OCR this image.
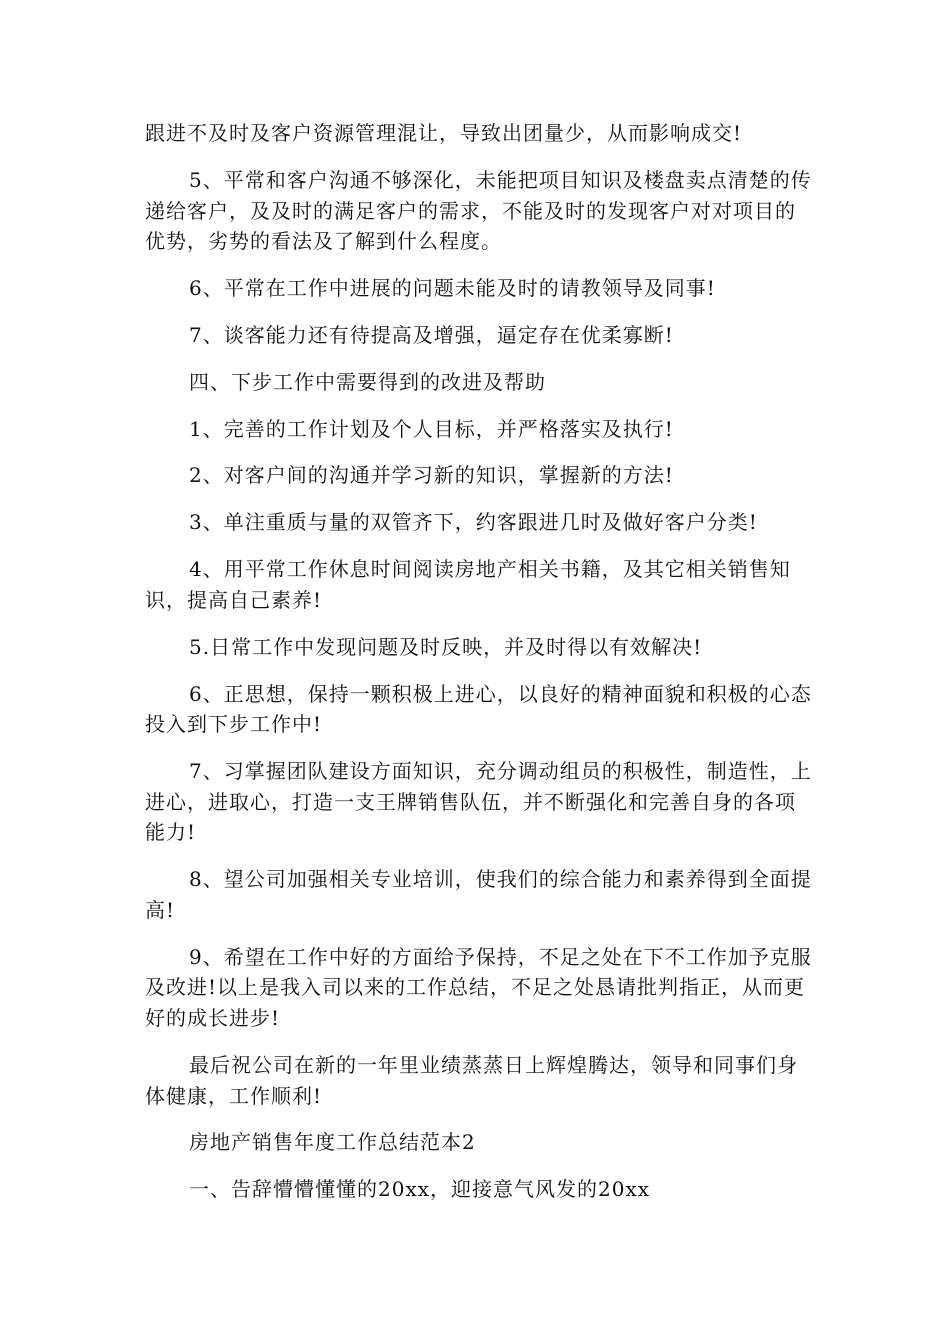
跟进不及时及客户资源管理混让，导致出团量少，从而影响成交!

5、平常和客户沟通不够深化，未能把项目知识及楼盘卖点清楚的传递给客户，及及时的满足客户的需求，不能及时的发现客户对对项目的优势，劣势的看法及了解到什么程度。

6、平常在工作中进展的问题未能及时的请教领导及同事!

7、谈客能力还有待提高及增强，逼定存在优柔寡断!

四、下步工作中需要得到的改进及帮助

1、完善的工作计划及个人目标，并严格落实及执行!

2、对客户间的沟通并学习新的知识，掌握新的方法!

3、单注重质与量的双管齐下，约客跟进几时及做好客户分类!

4、用平常工作休息时间阅读房地产相关书籍，及其它相关销售知识，提高自己素养!

5.日常工作中发现问题及时反映，并及时得以有效解决!

6、正思想，保持一颗积极上进心，以良好的精神面貌和积极的心态投入到下步工作中!

7、习掌握团队建设方面知识，充分调动组员的积极性，制造性，上进心，进取心，打造一支王牌销售队伍，并不断强化和完善自身的各项能力!

8、望公司加强相关专业培训，使我们的综合能力和素养得到全面提高!

9、希望在工作中好的方面给予保持，不足之处在下不工作加予克服及改进!以上是我入司以来的工作总结，不足之处恳请批判指正，从而更好的成长进步!

最后祝公司在新的一年里业绩蒸蒸日上辉煌腾达，领导和同事们身体健康，工作顺利!

房地产销售年度工作总结范本2

一、告辞懵懵懂懂的20xx，迎接意气风发的20xx
